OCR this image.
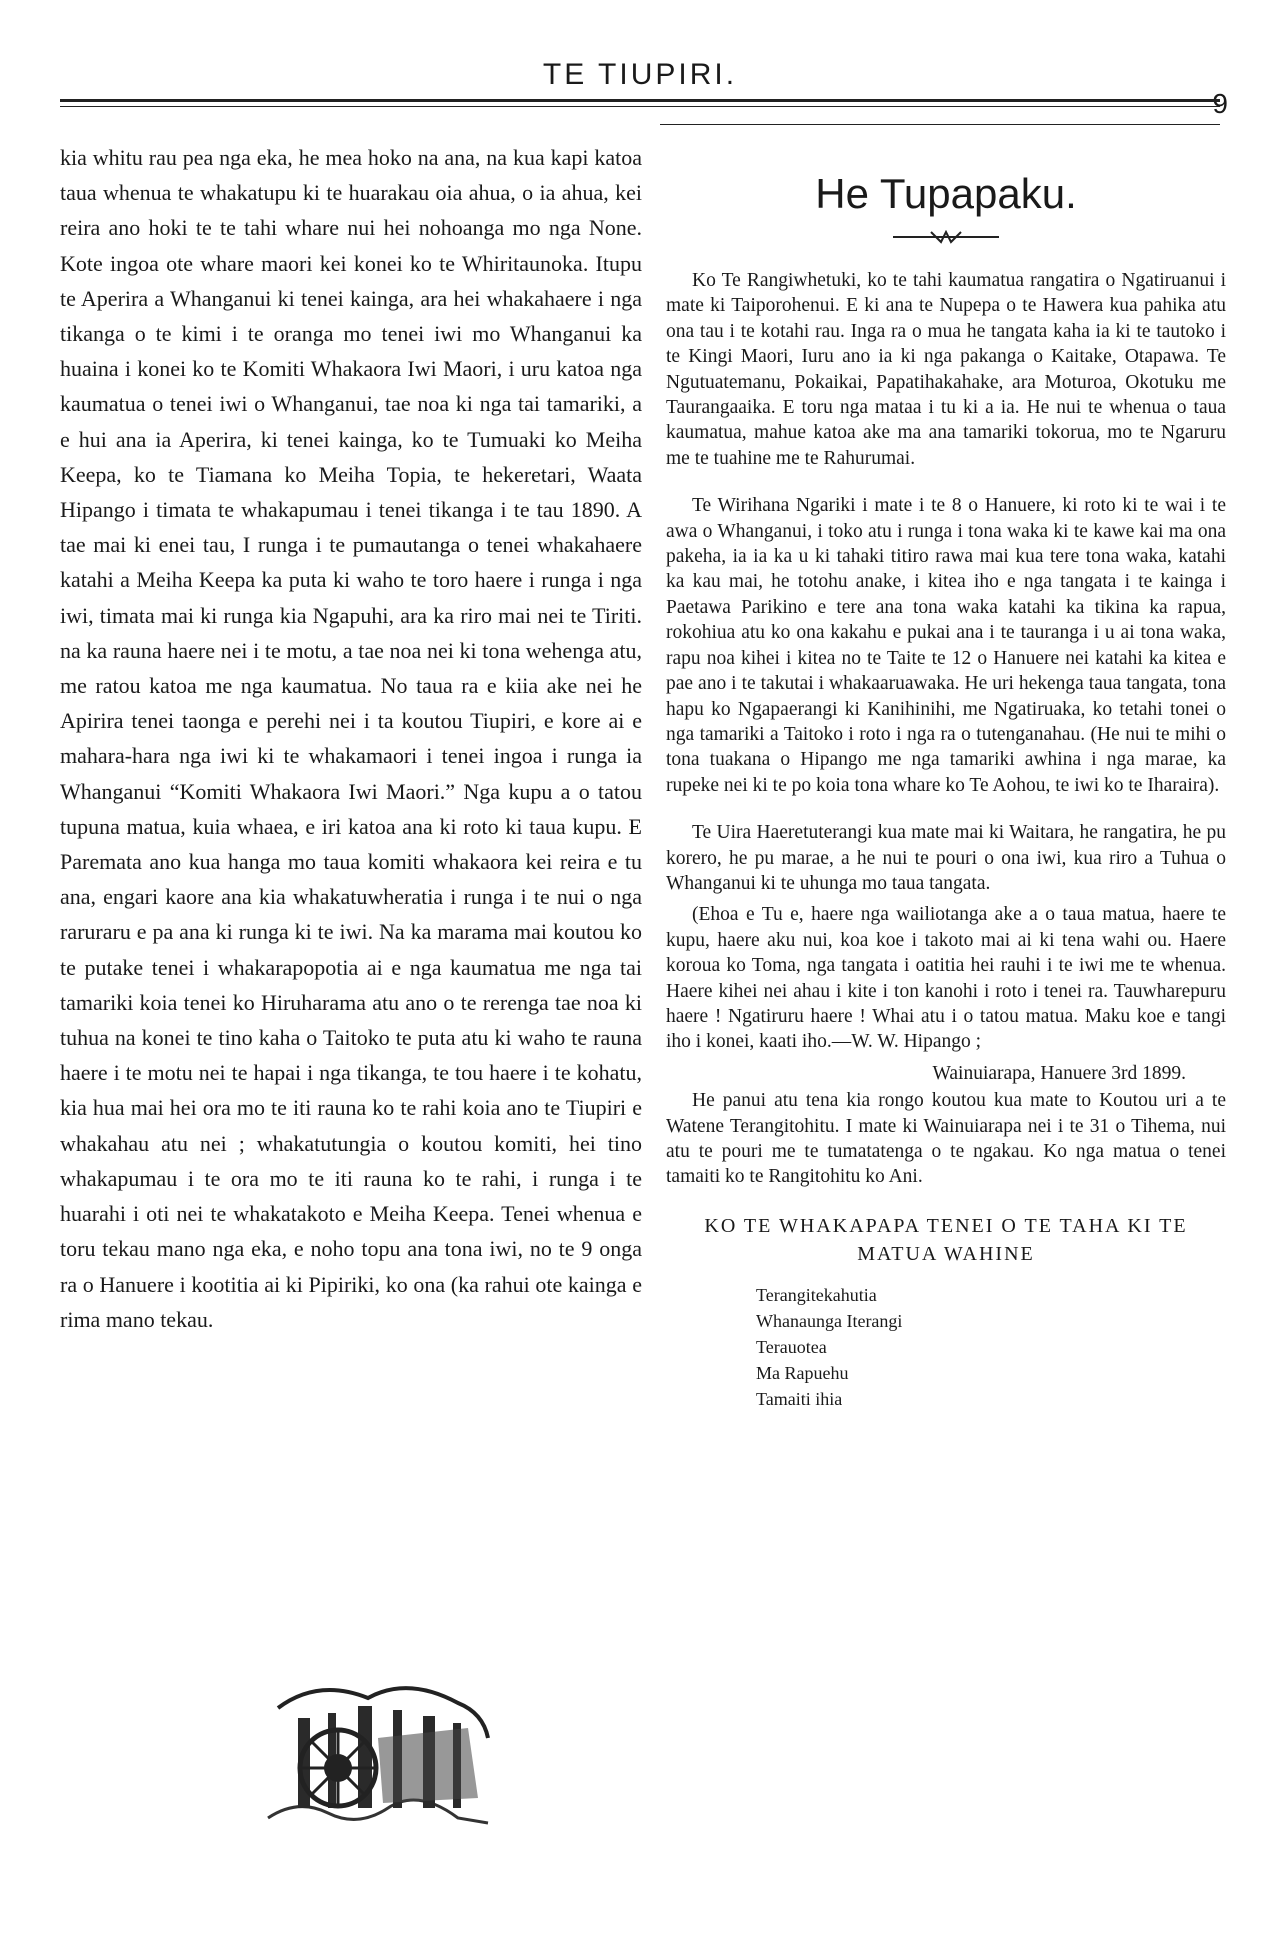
TE TIUPIRI.
9

kia whitu rau pea nga eka, he mea hoko na ana, na kua kapi katoa taua whenua te whakatupu ki te huarakau oia ahua, o ia ahua, kei reira ano hoki te te tahi whare nui hei nohoanga mo nga None. Kote ingoa ote whare maori kei konei ko te Whiritaunoka. Itupu te Aperira a Whanganui ki tenei kainga, ara hei whakahaere i nga tikanga o te kimi i te oranga mo tenei iwi mo Whanganui ka huaina i konei ko te Komiti Whakaora Iwi Maori, i uru katoa nga kaumatua o tenei iwi o Whanganui, tae noa ki nga tai tamariki, a e hui ana ia Aperira, ki tenei kainga, ko te Tumuaki ko Meiha Keepa, ko te Tiamana ko Meiha Topia, te hekeretari, Waata Hipango i timata te whakapumau i tenei tikanga i te tau 1890. A tae mai ki enei tau, I runga i te pumautanga o tenei whakahaere katahi a Meiha Keepa ka puta ki waho te toro haere i runga i nga iwi, timata mai ki runga kia Ngapuhi, ara ka riro mai nei te Tiriti. na ka rauna haere nei i te motu, a tae noa nei ki tona wehenga atu, me ratou katoa me nga kaumatua. No taua ra e kiia ake nei he Apirira tenei taonga e perehi nei i ta koutou Tiupiri, e kore ai e mahara-hara nga iwi ki te whakamaori i tenei ingoa i runga ia Whanganui “Komiti Whakaora Iwi Maori.” Nga kupu a o tatou tupuna matua, kuia whaea, e iri katoa ana ki roto ki taua kupu. E Paremata ano kua hanga mo taua komiti whakaora kei reira e tu ana, engari kaore ana kia whakatuwheratia i runga i te nui o nga raruraru e pa ana ki runga ki te iwi. Na ka marama mai koutou ko te putake tenei i whakarapopotia ai e nga kaumatua me nga tai tamariki koia tenei ko Hiruharama atu ano o te rerenga tae noa ki tuhua na konei te tino kaha o Taitoko te puta atu ki waho te rauna haere i te motu nei te hapai i nga tikanga, te tou haere i te kohatu, kia hua mai hei ora mo te iti rauna ko te rahi koia ano te Tiupiri e whakahau atu nei ; whakatutungia o koutou komiti, hei tino whakapumau i te ora mo te iti rauna ko te rahi, i runga i te huarahi i oti nei te whakatakoto e Meiha Keepa. Tenei whenua e toru tekau mano nga eka, e noho topu ana tona iwi, no te 9 onga ra o Hanuere i kootitia ai ki Pipiriki, ko ona (ka rahui ote kainga e rima mano tekau.

He Tupapaku.

Ko Te Rangiwhetuki, ko te tahi kaumatua rangatira o Ngatiruanui i mate ki Taiporohenui. E ki ana te Nupepa o te Hawera kua pahika atu ona tau i te kotahi rau. Inga ra o mua he tangata kaha ia ki te tautoko i te Kingi Maori, Iuru ano ia ki nga pakanga o Kaitake, Otapawa. Te Ngutuatemanu, Pokaikai, Papatihakahake, ara Moturoa, Okotuku me Taurangaaika. E toru nga mataa i tu ki a ia. He nui te whenua o taua kaumatua, mahue katoa ake ma ana tamariki tokorua, mo te Ngaruru me te tuahine me te Rahurumai.

Te Wirihana Ngariki i mate i te 8 o Hanuere, ki roto ki te wai i te awa o Whanganui, i toko atu i runga i tona waka ki te kawe kai ma ona pakeha, ia ia ka u ki tahaki titiro rawa mai kua tere tona waka, katahi ka kau mai, he totohu anake, i kitea iho e nga tangata i te kainga i Paetawa Parikino e tere ana tona waka katahi ka tikina ka rapua, rokohiua atu ko ona kakahu e pukai ana i te tauranga i u ai tona waka, rapu noa kihei i kitea no te Taite te 12 o Hanuere nei katahi ka kitea e pae ano i te takutai i whakaaruawaka. He uri hekenga taua tangata, tona hapu ko Ngapaerangi ki Kanihinihi, me Ngatiruaka, ko tetahi tonei o nga tamariki a Taitoko i roto i nga ra o tutenganahau. (He nui te mihi o tona tuakana o Hipango me nga tamariki awhina i nga marae, ka rupeke nei ki te po koia tona whare ko Te Aohou, te iwi ko te Iharaira).

Te Uira Haeretuterangi kua mate mai ki Waitara, he rangatira, he pu korero, he pu marae, a he nui te pouri o ona iwi, kua riro a Tuhua o Whanganui ki te uhunga mo taua tangata.

(Ehoa e Tu e, haere nga wailiotanga ake a o taua matua, haere te kupu, haere aku nui, koa koe i takoto mai ai ki tena wahi ou. Haere koroua ko Toma, nga tangata i oatitia hei rauhi i te iwi me te whenua. Haere kihei nei ahau i kite i ton kanohi i roto i tenei ra. Tauwharepuru haere ! Ngatiruru haere ! Whai atu i o tatou matua. Maku koe e tangi iho i konei, kaati iho.—W. W. Hipango ;

Wainuiarapa, Hanuere 3rd 1899.

He panui atu tena kia rongo koutou kua mate to Koutou uri a te Watene Terangitohitu. I mate ki Wainuiarapa nei i te 31 o Tihema, nui atu te pouri me te tumatatenga o te ngakau. Ko nga matua o tenei tamaiti ko te Rangitohitu ko Ani.

KO TE WHAKAPAPA TENEI O TE TAHA KI TE MATUA WAHINE
Terangitekahutia
Whanaunga Iterangi
Terauotea
Ma Rapuehu
Tamaiti ihia
